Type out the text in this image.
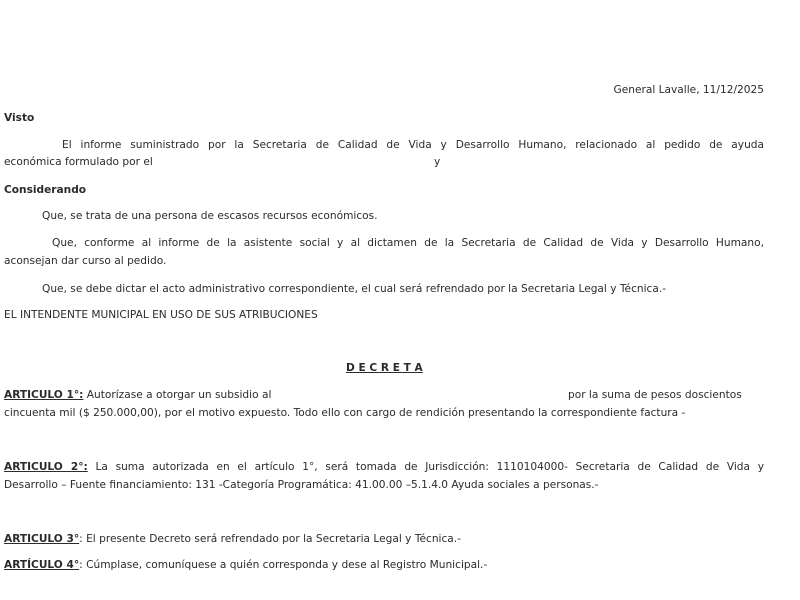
General Lavalle, 11/12/2025
Visto
El informe suministrado por la Secretaria de Calidad de Vida y Desarrollo Humano, relacionado al pedido de ayuda
económica formulado por el	y
Considerando
Que, se trata de una persona de escasos recursos económicos.
Que, conforme al informe de la asistente social y al dictamen de la Secretaria de Calidad de Vida y Desarrollo Humano,
aconsejan dar curso al pedido.
Que, se debe dictar el acto administrativo correspondiente, el cual será refrendado por la Secretaria Legal y Técnica.-
EL INTENDENTE MUNICIPAL EN USO DE SUS ATRIBUCIONES
D E C R E T A
ARTICULO 1°: Autorízase a otorgar un subsidio al	por la suma de pesos doscientos
cincuenta mil ($ 250.000,00), por el motivo expuesto. Todo ello con cargo de rendición presentando la correspondiente factura -
ARTICULO 2°: La suma autorizada en el artículo 1°, será tomada de Jurisdicción: 1110104000- Secretaria de Calidad de Vida y
Desarrollo – Fuente financiamiento: 131 -Categoría Programática: 41.00.00 –5.1.4.0 Ayuda sociales a personas.-
ARTICULO 3°: El presente Decreto será refrendado por la Secretaria Legal y Técnica.-
ARTÍCULO 4°: Cúmplase, comuníquese a quién corresponda y dese al Registro Municipal.-
